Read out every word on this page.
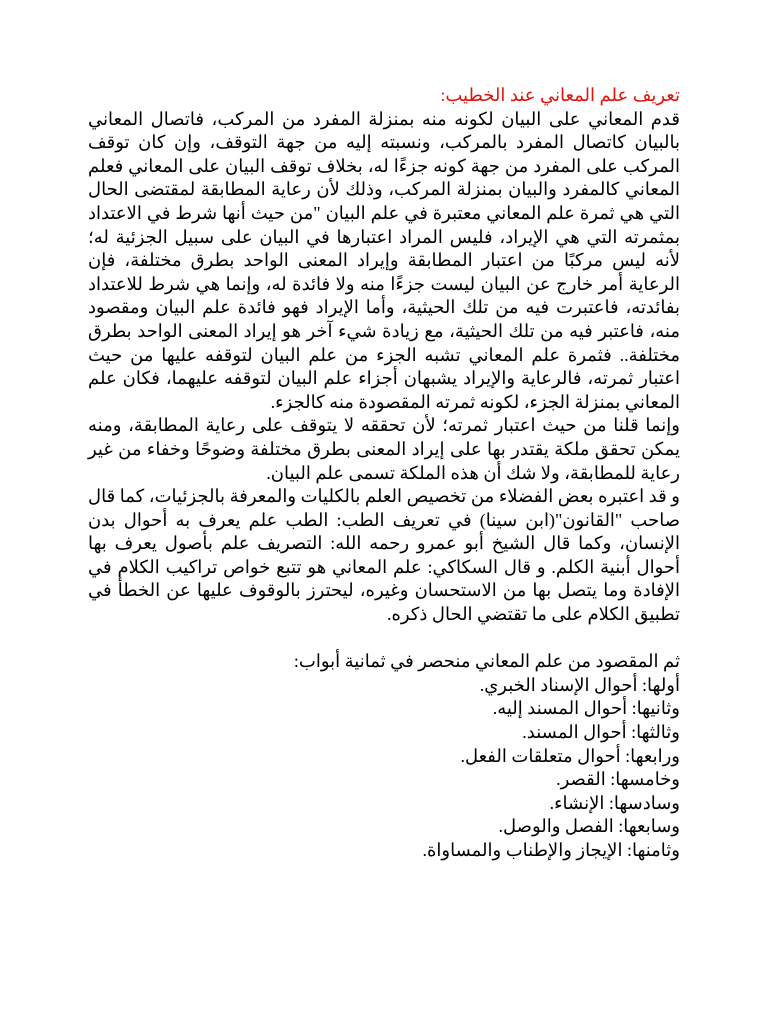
تعريف علم المعاني عند الخطيب:

قدم المعاني على البيان لكونه منه بمنزلة المفرد من المركب، فاتصال المعاني بالبيان كاتصال المفرد بالمركب، ونسبته إليه من جهة التوقف، وإن كان توقف المركب على المفرد من جهة كونه جزءًا له، بخلاف توقف البيان على المعاني فعلم المعاني كالمفرد والبيان بمنزلة المركب، وذلك لأن رعاية المطابقة لمقتضى الحال التي هي ثمرة علم المعاني معتبرة في علم البيان "من حيث أنها شرط في الاعتداد بمثمرته التي هي الإيراد، فليس المراد اعتبارها في البيان على سبيل الجزئية له؛ لأنه ليس مركبًا من اعتبار المطابقة وإيراد المعنى الواحد بطرق مختلفة، فإن الرعاية أمر خارج عن البيان ليست جزءًا منه ولا فائدة له، وإنما هي شرط للاعتداد بفائدته، فاعتبرت فيه من تلك الحيثية، وأما الإيراد فهو فائدة علم البيان ومقصود منه، فاعتبر فيه من تلك الحيثية، مع زيادة شيء آخر هو إيراد المعنى الواحد بطرق مختلفة.. فثمرة علم المعاني تشبه الجزء من علم البيان لتوقفه عليها من حيث اعتبار ثمرته، فالرعاية والإيراد يشبهان أجزاء علم البيان لتوقفه عليهما، فكان علم المعاني بمنزلة الجزء، لكونه ثمرته المقصودة منه كالجزء.

وإنما قلنا من حيث اعتبار ثمرته؛ لأن تحققه لا يتوقف على رعاية المطابقة، ومنه يمكن تحقق ملكة يقتدر بها على إيراد المعنى بطرق مختلفة وضوحًا وخفاء من غير رعاية للمطابقة، ولا شك أن هذه الملكة تسمى علم البيان.

و قد اعتبره بعض الفضلاء من تخصيص العلم بالكليات والمعرفة بالجزئيات، كما قال صاحب "القانون"(ابن سينا) في تعريف الطب: الطب علم يعرف به أحوال بدن الإنسان، وكما قال الشيخ أبو عمرو رحمه الله: التصريف علم بأصول يعرف بها أحوال أبنية الكلم. و قال السكاكي: علم المعاني هو تتبع خواص تراكيب الكلام في الإفادة وما يتصل بها من الاستحسان وغيره، ليحترز بالوقوف عليها عن الخطأ في تطبيق الكلام على ما تقتضي الحال ذكره.

ثم المقصود من علم المعاني منحصر في ثمانية أبواب:

أولها: أحوال الإسناد الخبري.
وثانيها: أحوال المسند إليه.
وثالثها: أحوال المسند.
ورابعها: أحوال متعلقات الفعل.
وخامسها: القصر.
وسادسها: الإنشاء.
وسابعها: الفصل والوصل.
وثامنها: الإيجاز والإطناب والمساواة.
